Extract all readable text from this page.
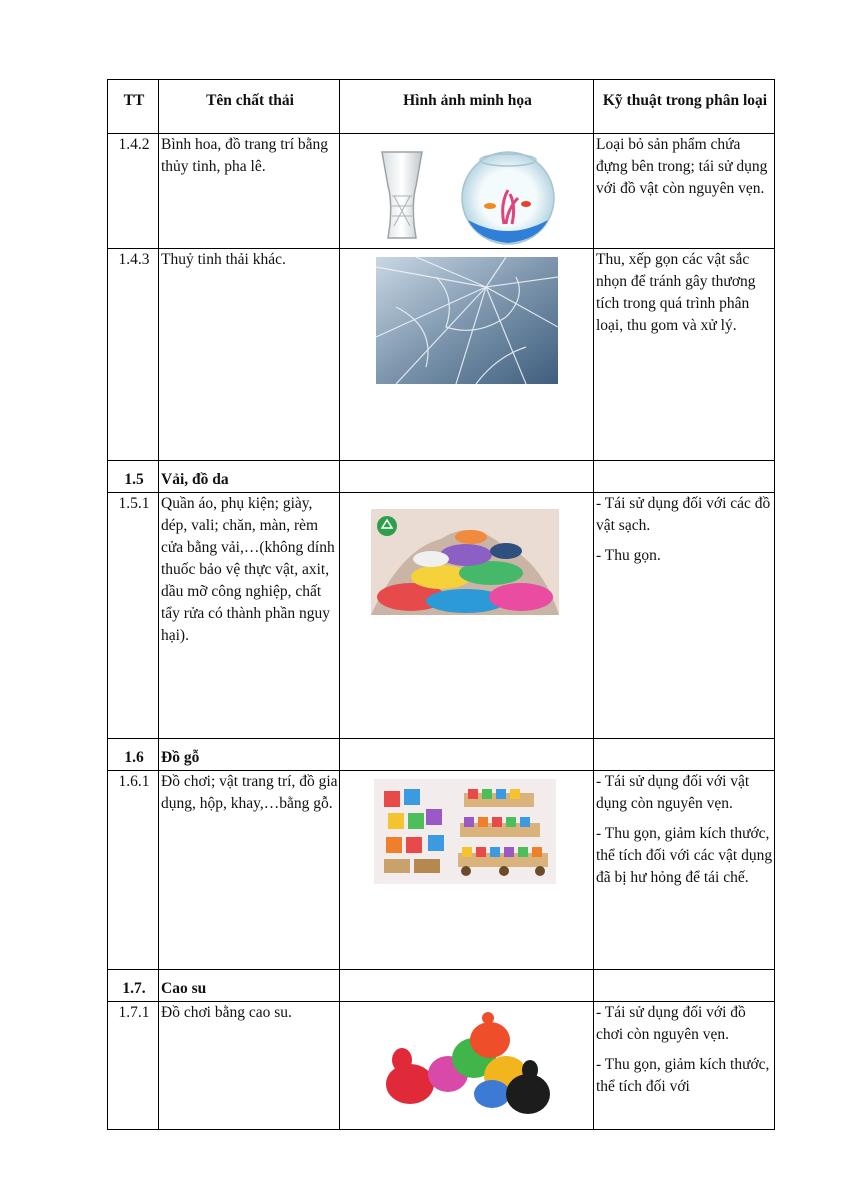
TT	Tên chất thải	Hình ảnh minh họa	Kỹ thuật trong phân loại
1.4.2	Bình hoa, đồ trang trí bằng thủy tinh, pha lê.		Loại bỏ sản phẩm chứa đựng bên trong; tái sử dụng với đồ vật còn nguyên vẹn.
1.4.3	Thuỷ tinh thải khác.		Thu, xếp gọn các vật sắc nhọn để tránh gây thương tích trong quá trình phân loại, thu gom và xử lý.
1.5	Vải, đồ da		
1.5.1	Quần áo, phụ kiện; giày, dép, vali; chăn, màn, rèm cửa bằng vải,…(không dính thuốc bảo vệ thực vật, axit, dầu mỡ công nghiệp, chất tẩy rửa có thành phần nguy hại).		- Tái sử dụng đối với các đồ vật sạch.

- Thu gọn.

1.6	Đồ gỗ		
1.6.1	Đồ chơi; vật trang trí, đồ gia dụng, hộp, khay,…bằng gỗ.		- Tái sử dụng đối với vật dụng còn nguyên vẹn.

- Thu gọn, giảm kích thước, thể tích đối với các vật dụng đã bị hư hỏng để tái chế.

1.7.	Cao su		
1.7.1	Đồ chơi bằng cao su.		- Tái sử dụng đối với đồ chơi còn nguyên vẹn.

- Thu gọn, giảm kích thước, thể tích đối với
